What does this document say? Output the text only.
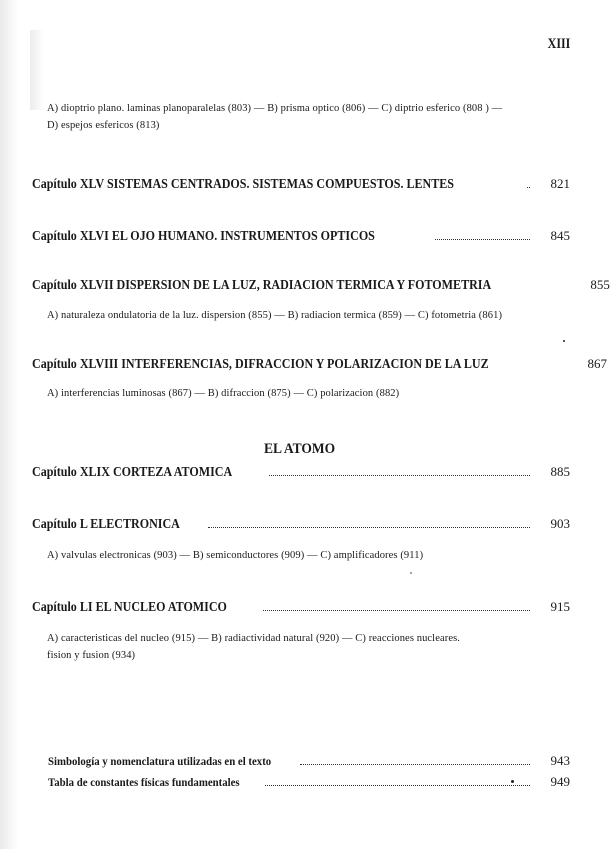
XIII
A) dioptrio plano. laminas planoparalelas (803) — B) prisma optico (806) — C) diptrio esferico (808 ) —
D) espejos esfericos (813)
Capítulo XLV SISTEMAS CENTRADOS. SISTEMAS COMPUESTOS. LENTES	821
Capítulo XLVI EL OJO HUMANO. INSTRUMENTOS OPTICOS	845
Capítulo XLVII DISPERSION DE LA LUZ, RADIACION TERMICA Y FOTOMETRIA	855
A) naturaleza ondulatoria de la luz. dispersion (855) — B) radiacion termica (859) — C) fotometria (861)
Capítulo XLVIII INTERFERENCIAS, DIFRACCION Y POLARIZACION DE LA LUZ	867
A) interferencias luminosas (867) — B) difraccion (875) — C) polarizacion (882)
EL ATOMO
Capítulo XLIX CORTEZA ATOMICA	885
Capítulo L ELECTRONICA	903
A) valvulas electronicas (903) — B) semiconductores (909) — C) amplificadores (911)
Capítulo LI EL NUCLEO ATOMICO	915
A) caracteristicas del nucleo (915) — B) radiactividad natural (920) — C) reacciones nucleares.
fision y fusion (934)
Simbología y nomenclatura utilizadas en el texto	943
Tabla de constantes físicas fundamentales	949
